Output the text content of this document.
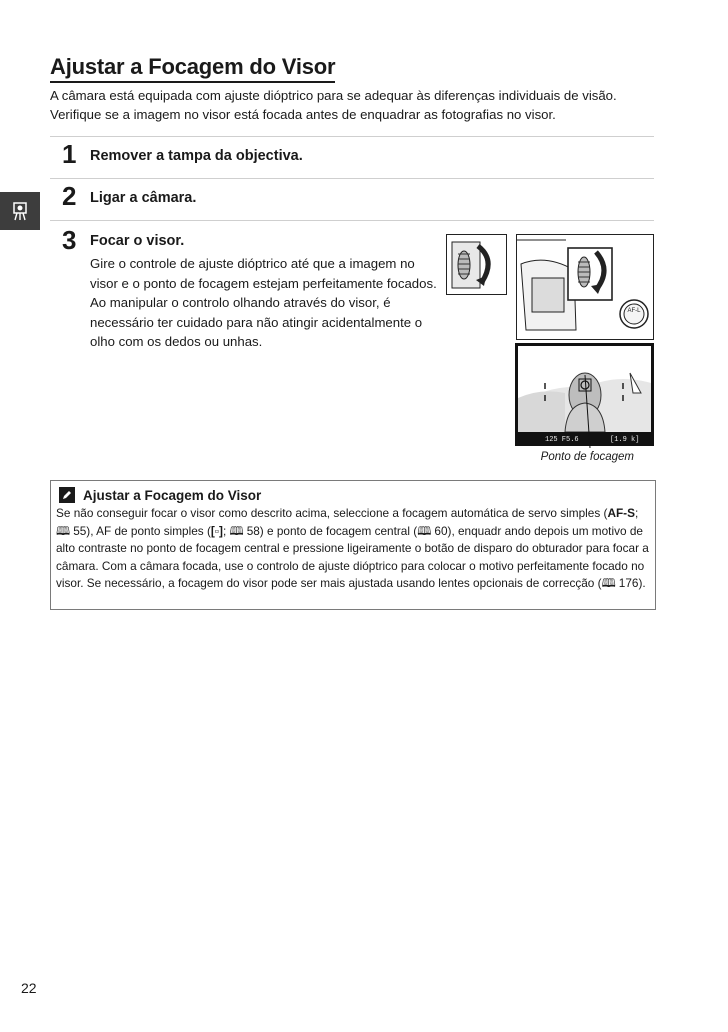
Ajustar a Focagem do Visor

A câmara está equipada com ajuste dióptrico para se adequar às diferenças individuais de visão. Verifique se a imagem no visor está focada antes de enquadrar as fotografias no visor.

1 Remover a tampa da objectiva.
2 Ligar a câmara.
3 Focar o visor.

Gire o controle de ajuste dióptrico até que a imagem no visor e o ponto de focagem estejam perfeitamente focados. Ao manipular o controlo olhando através do visor, é necessário ter cuidado para não atingir acidentalmente o olho com os dedos ou unhas.

AF-L
125 F5.6	[1.9 k]
Ponto de focagem
Ajustar a Focagem do Visor

Se não conseguir focar o visor como descrito acima, seleccione a focagem automática de servo simples (AF-S; 🕮 55), AF de ponto simples ([▫]; 🕮 58) e ponto de focagem central (🕮 60), enquadr ando depois um motivo de alto contraste no ponto de focagem central e pressione ligeiramente o botão de disparo do obturador para focar a câmara. Com a câmara focada, use o controlo de ajuste dióptrico para colocar o motivo perfeitamente focado no visor. Se necessário, a focagem do visor pode ser mais ajustada usando lentes opcionais de correcção (🕮 176).

22
